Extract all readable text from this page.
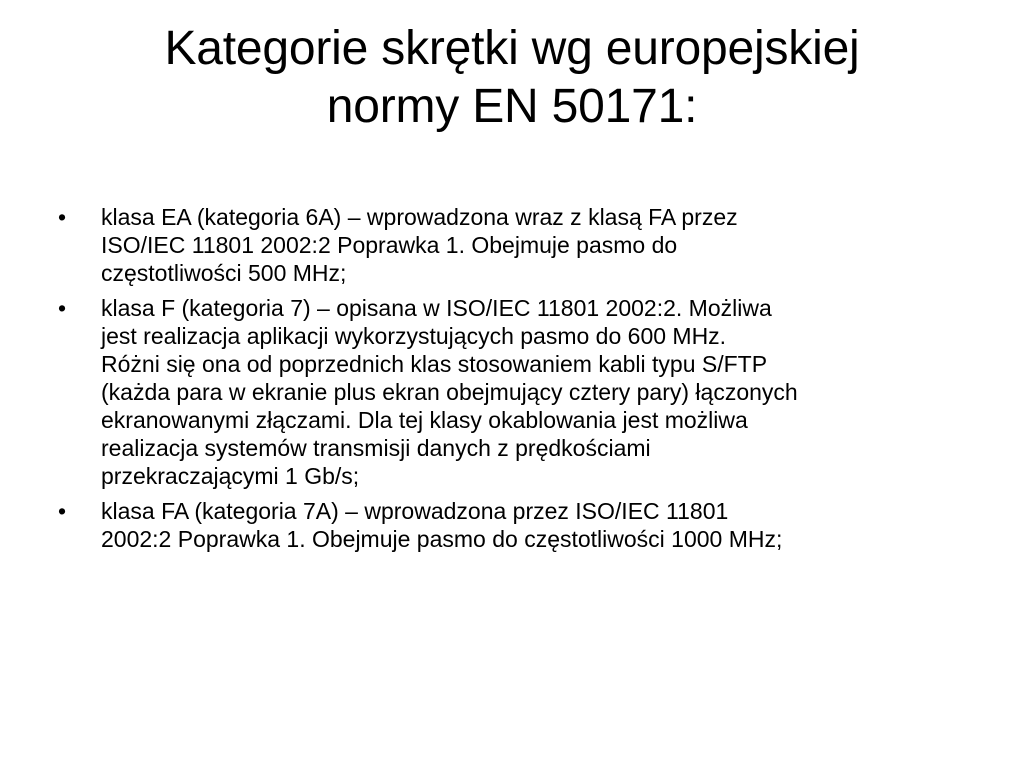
Kategorie skrętki wg europejskiej
normy EN 50171:
• klasa EA (kategoria 6A) – wprowadzona wraz z klasą FA przez
ISO/IEC 11801 2002:2 Poprawka 1. Obejmuje pasmo do
częstotliwości 500 MHz;
• klasa F (kategoria 7) – opisana w ISO/IEC 11801 2002:2. Możliwa
jest realizacja aplikacji wykorzystujących pasmo do 600 MHz.
Różni się ona od poprzednich klas stosowaniem kabli typu S/FTP
(każda para w ekranie plus ekran obejmujący cztery pary) łączonych
ekranowanymi złączami. Dla tej klasy okablowania jest możliwa
realizacja systemów transmisji danych z prędkościami
przekraczającymi 1 Gb/s;
• klasa FA (kategoria 7A) – wprowadzona przez ISO/IEC 11801
2002:2 Poprawka 1. Obejmuje pasmo do częstotliwości 1000 MHz;
